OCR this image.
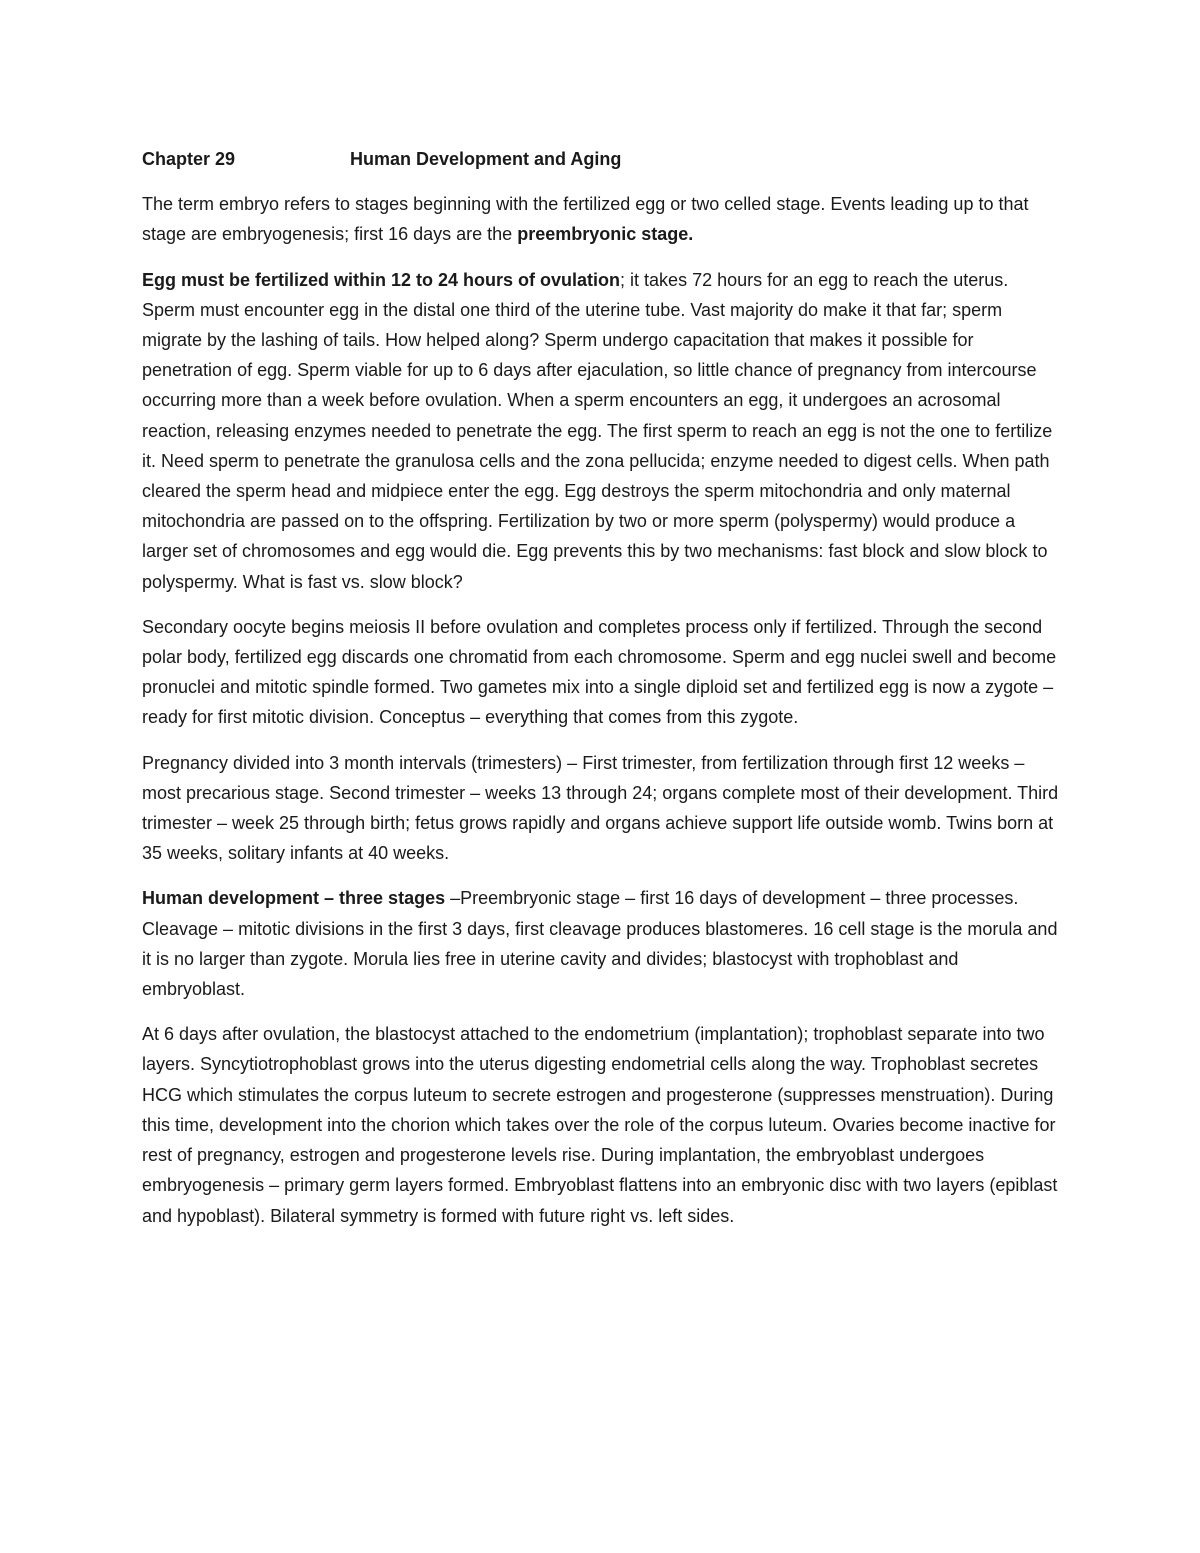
Chapter 29	Human Development and Aging

The term embryo refers to stages beginning with the fertilized egg or two celled stage. Events leading up to that stage are embryogenesis; first 16 days are the preembryonic stage.

Egg must be fertilized within 12 to 24 hours of ovulation; it takes 72 hours for an egg to reach the uterus. Sperm must encounter egg in the distal one third of the uterine tube. Vast majority do make it that far; sperm migrate by the lashing of tails. How helped along? Sperm undergo capacitation that makes it possible for penetration of egg. Sperm viable for up to 6 days after ejaculation, so little chance of pregnancy from intercourse occurring more than a week before ovulation. When a sperm encounters an egg, it undergoes an acrosomal reaction, releasing enzymes needed to penetrate the egg. The first sperm to reach an egg is not the one to fertilize it. Need sperm to penetrate the granulosa cells and the zona pellucida; enzyme needed to digest cells. When path cleared the sperm head and midpiece enter the egg. Egg destroys the sperm mitochondria and only maternal mitochondria are passed on to the offspring. Fertilization by two or more sperm (polyspermy) would produce a larger set of chromosomes and egg would die. Egg prevents this by two mechanisms: fast block and slow block to polyspermy. What is fast vs. slow block?

Secondary oocyte begins meiosis II before ovulation and completes process only if fertilized. Through the second polar body, fertilized egg discards one chromatid from each chromosome. Sperm and egg nuclei swell and become pronuclei and mitotic spindle formed. Two gametes mix into a single diploid set and fertilized egg is now a zygote – ready for first mitotic division. Conceptus – everything that comes from this zygote.

Pregnancy divided into 3 month intervals (trimesters) – First trimester, from fertilization through first 12 weeks – most precarious stage. Second trimester – weeks 13 through 24; organs complete most of their development. Third trimester – week 25 through birth; fetus grows rapidly and organs achieve support life outside womb. Twins born at 35 weeks, solitary infants at 40 weeks.

Human development – three stages –Preembryonic stage – first 16 days of development – three processes. Cleavage – mitotic divisions in the first 3 days, first cleavage produces blastomeres. 16 cell stage is the morula and it is no larger than zygote. Morula lies free in uterine cavity and divides; blastocyst with trophoblast and embryoblast.

At 6 days after ovulation, the blastocyst attached to the endometrium (implantation); trophoblast separate into two layers. Syncytiotrophoblast grows into the uterus digesting endometrial cells along the way. Trophoblast secretes HCG which stimulates the corpus luteum to secrete estrogen and progesterone (suppresses menstruation). During this time, development into the chorion which takes over the role of the corpus luteum. Ovaries become inactive for rest of pregnancy, estrogen and progesterone levels rise. During implantation, the embryoblast undergoes embryogenesis – primary germ layers formed. Embryoblast flattens into an embryonic disc with two layers (epiblast and hypoblast). Bilateral symmetry is formed with future right vs. left sides.
